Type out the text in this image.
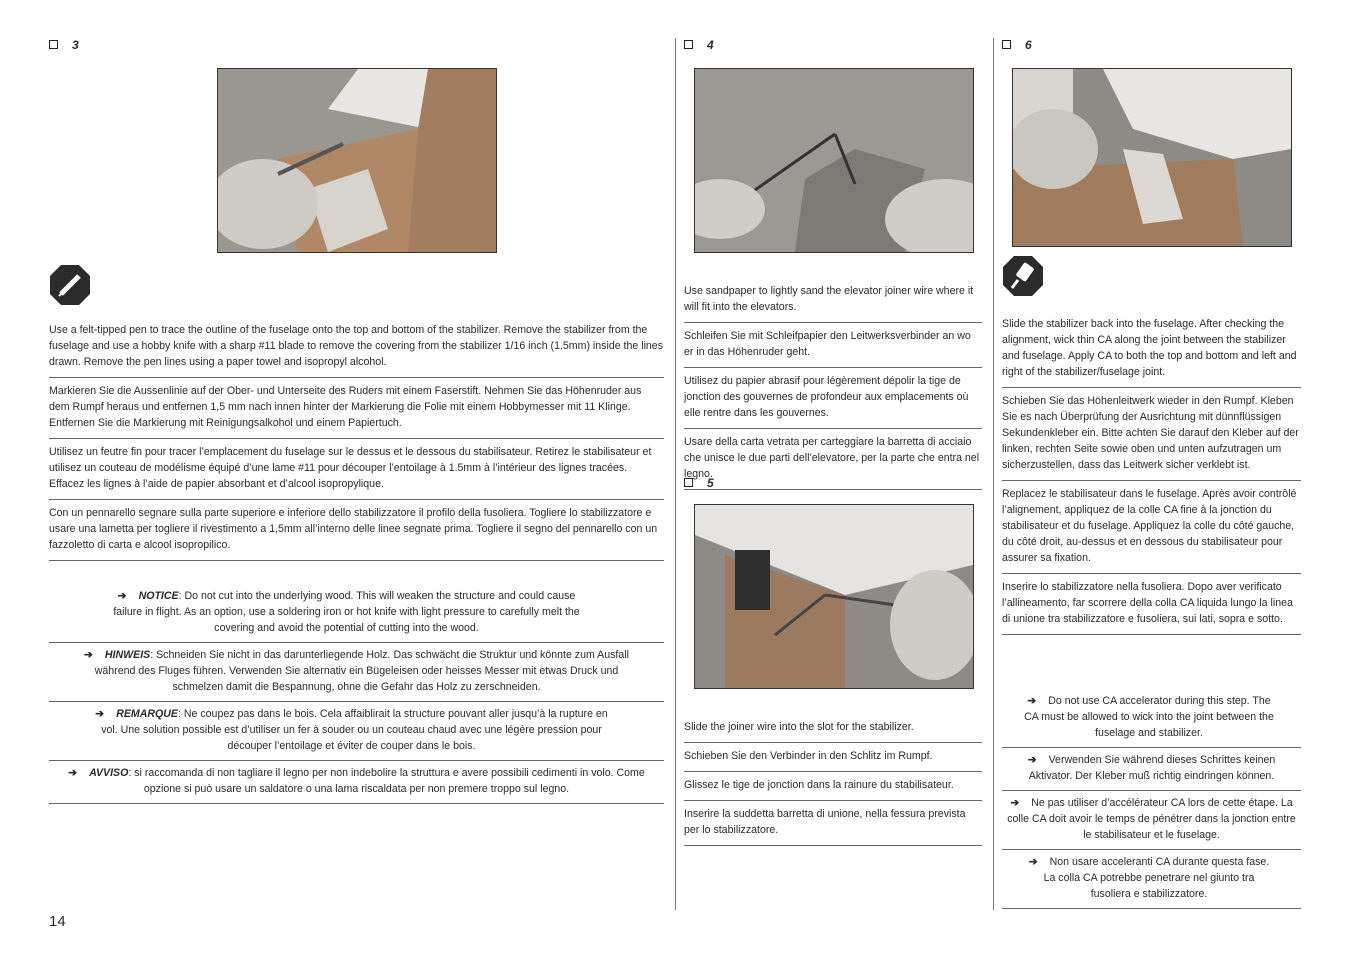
3

Use a felt-tipped pen to trace the outline of the fuselage onto the top and bottom of the stabilizer. Remove the stabilizer from the fuselage and use a hobby knife with a sharp #11 blade to remove the covering from the stabilizer 1/16 inch (1.5mm) inside the lines drawn. Remove the pen lines using a paper towel and isopropyl alcohol.

Markieren Sie die Aussenlinie auf der Ober- und Unterseite des Ruders mit einem Faserstift. Nehmen Sie das Höhenruder aus dem Rumpf heraus und entfernen 1,5 mm nach innen hinter der Markierung die Folie mit einem Hobbymesser mit 11 Klinge. Entfernen Sie die Markierung mit Reinigungsalkohol und einem Papiertuch.

Utilisez un feutre fin pour tracer l’emplacement du fuselage sur le dessus et le dessous du stabilisateur. Retirez le stabilisateur et utilisez un couteau de modélisme équipé d’une lame #11 pour découper l’entoilage à 1.5mm à l’intérieur des lignes tracées. Effacez les lignes à l’aide de papier absorbant et d’alcool isopropylique.

Con un pennarello segnare sulla parte superiore e inferiore dello stabilizzatore il profilo della fusoliera. Togliere lo stabilizzatore e usare una lametta per togliere il rivestimento a 1,5mm all’interno delle linee segnate prima. Togliere il segno del pennarello con un fazzoletto di carta e alcool isopropilico.

➔ NOTICE: Do not cut into the underlying wood. This will weaken the structure and could cause failure in flight. As an option, use a soldering iron or hot knife with light pressure to carefully melt the covering and avoid the potential of cutting into the wood.
➔ HINWEIS: Schneiden Sie nicht in das darunterliegende Holz. Das schwächt die Struktur und könnte zum Ausfall während des Fluges führen. Verwenden Sie alternativ ein Bügeleisen oder heisses Messer mit etwas Druck und schmelzen damit die Bespannung, ohne die Gefahr das Holz zu zerschneiden.
➔ REMARQUE: Ne coupez pas dans le bois. Cela affaiblirait la structure pouvant aller jusqu’à la rupture en vol. Une solution possible est d’utiliser un fer à souder ou un couteau chaud avec une légère pression pour découper l’entoilage et éviter de couper dans le bois.
➔ AVVISO: si raccomanda di non tagliare il legno per non indebolire la struttura e avere possibili cedimenti in volo. Come opzione si può usare un saldatore o una lama riscaldata per non premere troppo sul legno.
14
4

Use sandpaper to lightly sand the elevator joiner wire where it will fit into the elevators.

Schleifen Sie mit Schleifpapier den Leitwerksverbinder an wo er in das Höhenruder geht.

Utilisez du papier abrasif pour légèrement dépolir la tige de jonction des gouvernes de profondeur aux emplacements où elle rentre dans les gouvernes.

Usare della carta vetrata per carteggiare la barretta di acciaio che unisce le due parti dell’elevatore, per la parte che entra nel legno.

5

Slide the joiner wire into the slot for the stabilizer.

Schieben Sie den Verbinder in den Schlitz im Rumpf.

Glissez le tige de jonction dans la rainure du stabilisateur.

Inserire la suddetta barretta di unione, nella fessura prevista per lo stabilizzatore.

6

Slide the stabilizer back into the fuselage. After checking the alignment, wick thin CA along the joint between the stabilizer and fuselage. Apply CA to both the top and bottom and left and right of the stabilizer/fuselage joint.

Schieben Sie das Höhenleitwerk wieder in den Rumpf. Kleben Sie es nach Überprüfung der Ausrichtung mit dünnflüssigen Sekundenkleber ein. Bitte achten Sie darauf den Kleber auf der linken, rechten Seite sowie oben und unten aufzutragen um sicherzustellen, dass das Leitwerk sicher verklebt ist.

Replacez le stabilisateur dans le fuselage. Après avoir contrôlé l’alignement, appliquez de la colle CA fine à la jonction du stabilisateur et du fuselage. Appliquez la colle du côté gauche, du côté droit, au-dessus et en dessous du stabilisateur pour assurer sa fixation.

Inserire lo stabilizzatore nella fusoliera. Dopo aver verificato l’allineamento, far scorrere della colla CA liquida lungo la linea di unione tra stabilizzatore e fusoliera, sui lati, sopra e sotto.

➔ Do not use CA accelerator during this step. The CA must be allowed to wick into the joint between the fuselage and stabilizer.
➔ Verwenden Sie während dieses Schrittes keinen Aktivator. Der Kleber muß richtig eindringen können.
➔ Ne pas utiliser d’accélérateur CA lors de cette étape. La colle CA doit avoir le temps de pénétrer dans la jonction entre le stabilisateur et le fuselage.
➔ Non usare acceleranti CA durante questa fase. La colla CA potrebbe penetrare nel giunto tra fusoliera e stabilizzatore.
